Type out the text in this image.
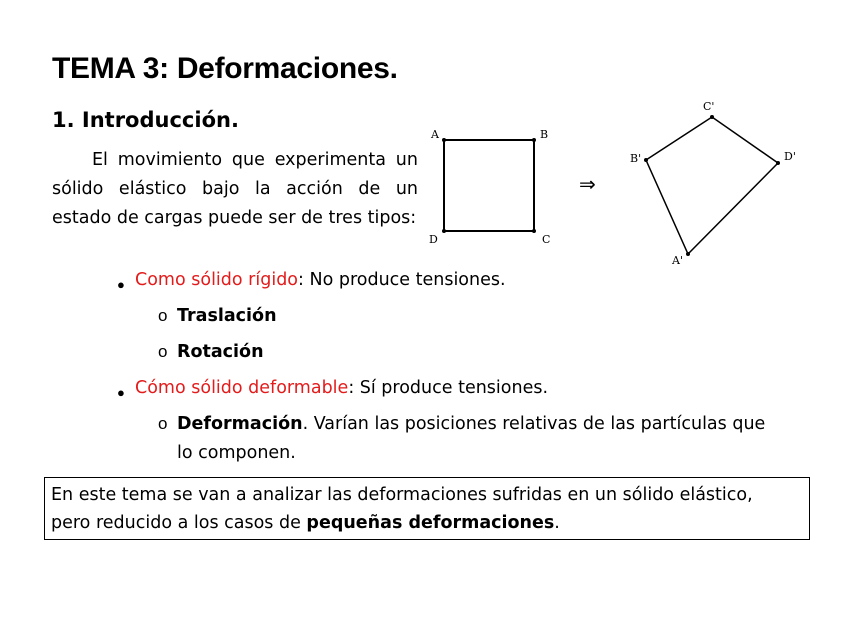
TEMA 3: Deformaciones.
1. Introducción.

El movimiento que experimenta un sólido elástico bajo la acción de un estado de cargas puede ser de tres tipos:

A	B
C
D
⇒
B'
C'
D'
A'
● Como sólido rígido: No produce tensiones.
o Traslación
o Rotación
● Cómo sólido deformable: Sí produce tensiones.
o Deformación. Varían las posiciones relativas de las partículas que
lo componen.
En este tema se van a analizar las deformaciones sufridas en un sólido elástico,
pero reducido a los casos de pequeñas deformaciones.
